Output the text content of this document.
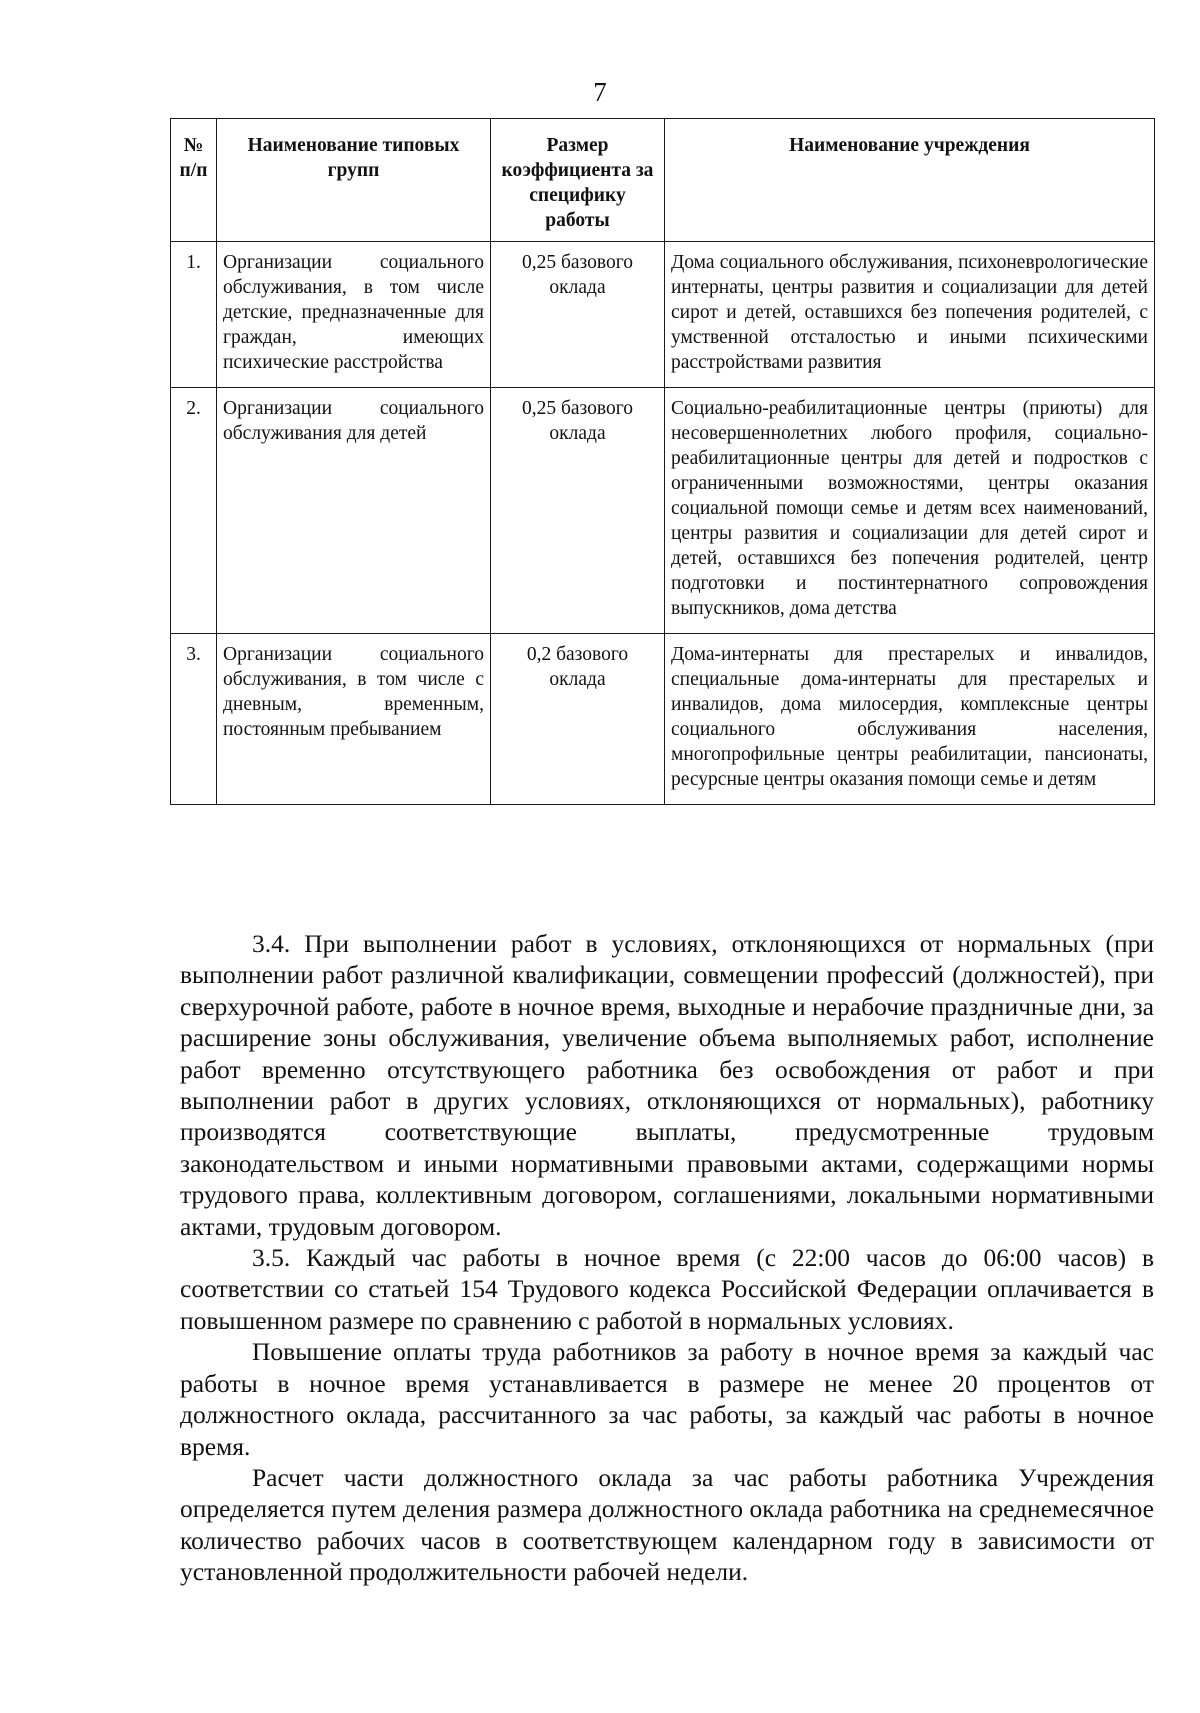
7
№ п/п	Наименование типовых групп	Размер коэффициента за специфику работы	Наименование учреждения
1.	Организации социального обслуживания, в том числе детские, предназначенные для граждан, имеющих психические расстройства	0,25 базового оклада	Дома социального обслуживания, психоневрологические интернаты, центры развития и социализации для детей сирот и детей, оставшихся без попечения родителей, с умственной отсталостью и иными психическими расстройствами развития
2.	Организации социального обслуживания для детей	0,25 базового оклада	Социально-реабилитационные центры (приюты) для несовершеннолетних любого профиля, социально-реабилитационные центры для детей и подростков с ограниченными возможностями, центры оказания социальной помощи семье и детям всех наименований, центры развития и социализации для детей сирот и детей, оставшихся без попечения родителей, центр подготовки и постинтернатного сопровождения выпускников, дома детства
3.	Организации социального обслуживания, в том числе с дневным, временным, постоянным пребыванием	0,2 базового оклада	Дома-интернаты для престарелых и инвалидов, специальные дома-интернаты для престарелых и инвалидов, дома милосердия, комплексные центры социального обслуживания населения, многопрофильные центры реабилитации, пансионаты, ресурсные центры оказания помощи семье и детям

3.4. При выполнении работ в условиях, отклоняющихся от нормальных (при выполнении работ различной квалификации, совмещении профессий (должностей), при сверхурочной работе, работе в ночное время, выходные и нерабочие праздничные дни, за расширение зоны обслуживания, увеличение объема выполняемых работ, исполнение работ временно отсутствующего работника без освобождения от работ и при выполнении работ в других условиях, отклоняющихся от нормальных), работнику производятся соответствующие выплаты, предусмотренные трудовым законодательством и иными нормативными правовыми актами, содержащими нормы трудового права, коллективным договором, соглашениями, локальными нормативными актами, трудовым договором.

3.5. Каждый час работы в ночное время (с 22:00 часов до 06:00 часов) в соответствии со статьей 154 Трудового кодекса Российской Федерации оплачивается в повышенном размере по сравнению с работой в нормальных условиях.

Повышение оплаты труда работников за работу в ночное время за каждый час работы в ночное время устанавливается в размере не менее 20 процентов от должностного оклада, рассчитанного за час работы, за каждый час работы в ночное время.

Расчет части должностного оклада за час работы работника Учреждения определяется путем деления размера должностного оклада работника на среднемесячное количество рабочих часов в соответствующем календарном году в зависимости от установленной продолжительности рабочей недели.
